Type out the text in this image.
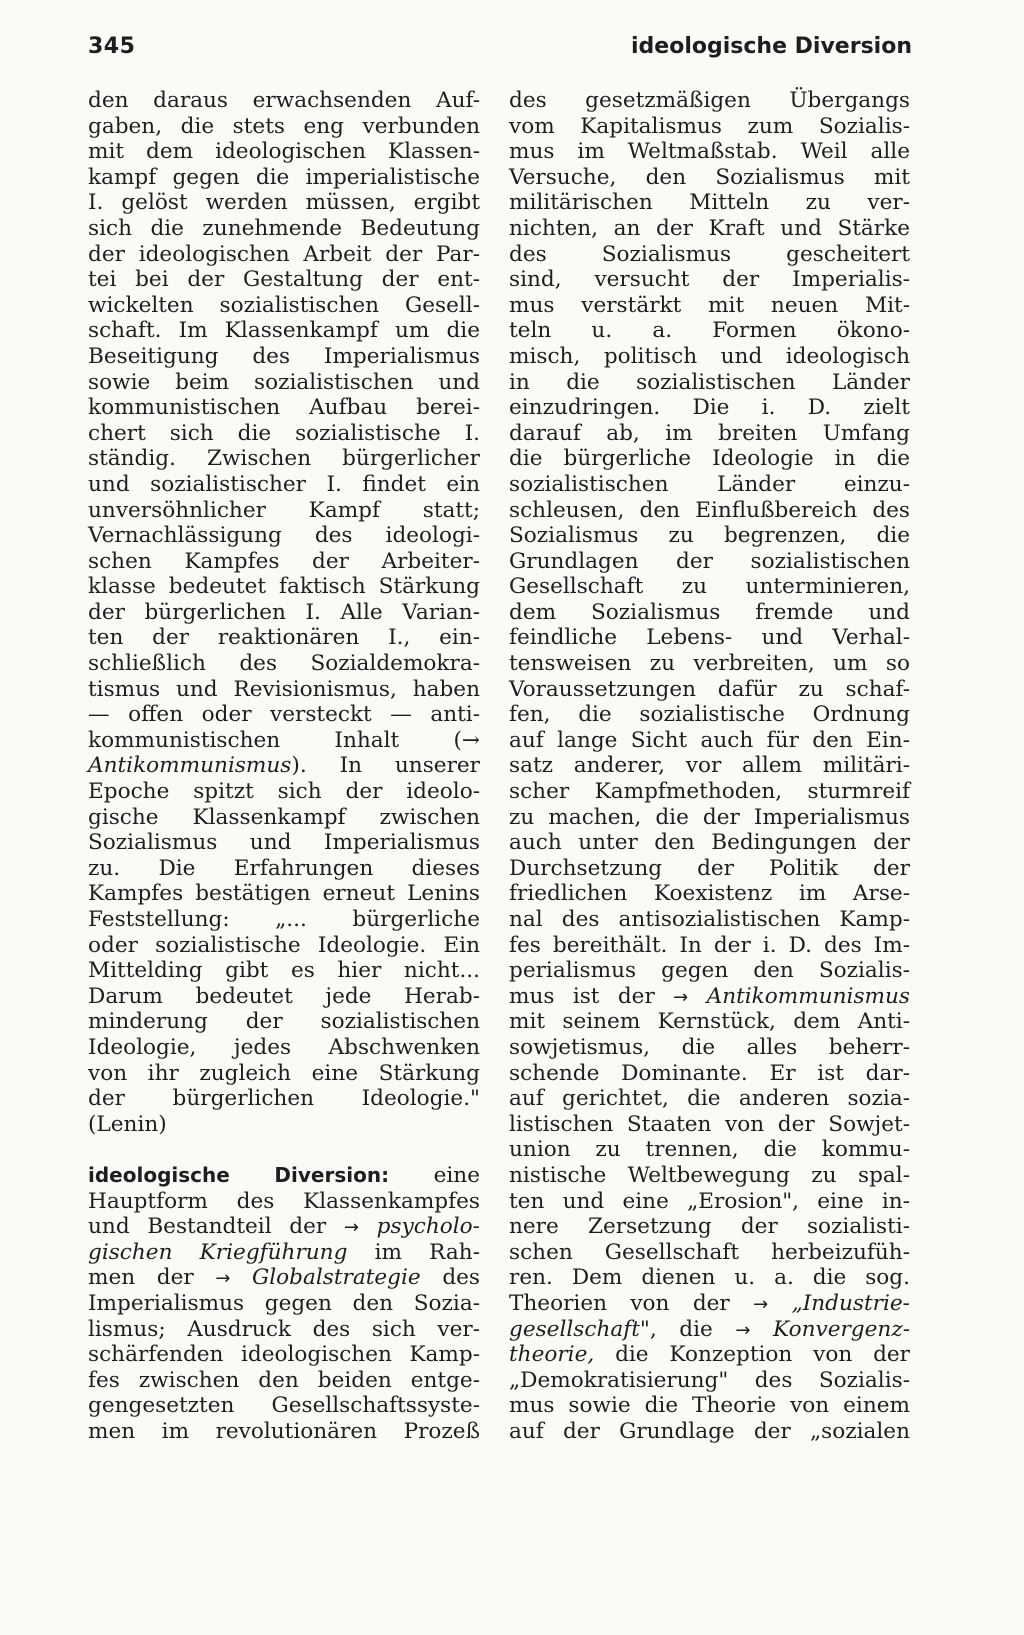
345	ideologische Diversion
den daraus erwachsenden Auf-
gaben, die stets eng verbunden
mit dem ideologischen Klassen-
kampf gegen die imperialistische
I. gelöst werden müssen, ergibt
sich die zunehmende Bedeutung
der ideologischen Arbeit der Par-
tei bei der Gestaltung der ent-
wickelten sozialistischen Gesell-
schaft. Im Klassenkampf um die
Beseitigung des Imperialismus
sowie beim sozialistischen und
kommunistischen Aufbau berei-
chert sich die sozialistische I.
ständig. Zwischen bürgerlicher
und sozialistischer I. findet ein
unversöhnlicher Kampf statt;
Vernachlässigung des ideologi-
schen Kampfes der Arbeiter-
klasse bedeutet faktisch Stärkung
der bürgerlichen I. Alle Varian-
ten der reaktionären I., ein-
schließlich des Sozialdemokra-
tismus und Revisionismus, haben
— offen oder versteckt — anti-
kommunistischen Inhalt (→
Antikommunismus). In unserer
Epoche spitzt sich der ideolo-
gische Klassenkampf zwischen
Sozialismus und Imperialismus
zu. Die Erfahrungen dieses
Kampfes bestätigen erneut Lenins
Feststellung: „... bürgerliche
oder sozialistische Ideologie. Ein
Mittelding gibt es hier nicht...
Darum bedeutet jede Herab-
minderung der sozialistischen
Ideologie, jedes Abschwenken
von ihr zugleich eine Stärkung
der bürgerlichen Ideologie."
(Lenin)
ideologische Diversion: eine
Hauptform des Klassenkampfes
und Bestandteil der → psycholo-
gischen Kriegführung im Rah-
men der → Globalstrategie des
Imperialismus gegen den Sozia-
lismus; Ausdruck des sich ver-
schärfenden ideologischen Kamp-
fes zwischen den beiden entge-
gengesetzten Gesellschaftssyste-
men im revolutionären Prozeß
des gesetzmäßigen Übergangs
vom Kapitalismus zum Sozialis-
mus im Weltmaßstab. Weil alle
Versuche, den Sozialismus mit
militärischen Mitteln zu ver-
nichten, an der Kraft und Stärke
des Sozialismus gescheitert
sind, versucht der Imperialis-
mus verstärkt mit neuen Mit-
teln u. a. Formen ökono-
misch, politisch und ideologisch
in die sozialistischen Länder
einzudringen. Die i. D. zielt
darauf ab, im breiten Umfang
die bürgerliche Ideologie in die
sozialistischen Länder einzu-
schleusen, den Einflußbereich des
Sozialismus zu begrenzen, die
Grundlagen der sozialistischen
Gesellschaft zu unterminieren,
dem Sozialismus fremde und
feindliche Lebens- und Verhal-
tensweisen zu verbreiten, um so
Voraussetzungen dafür zu schaf-
fen, die sozialistische Ordnung
auf lange Sicht auch für den Ein-
satz anderer, vor allem militäri-
scher Kampfmethoden, sturmreif
zu machen, die der Imperialismus
auch unter den Bedingungen der
Durchsetzung der Politik der
friedlichen Koexistenz im Arse-
nal des antisozialistischen Kamp-
fes bereithält. In der i. D. des Im-
perialismus gegen den Sozialis-
mus ist der → Antikommunismus
mit seinem Kernstück, dem Anti-
sowjetismus, die alles beherr-
schende Dominante. Er ist dar-
auf gerichtet, die anderen sozia-
listischen Staaten von der Sowjet-
union zu trennen, die kommu-
nistische Weltbewegung zu spal-
ten und eine „Erosion", eine in-
nere Zersetzung der sozialisti-
schen Gesellschaft herbeizufüh-
ren. Dem dienen u. a. die sog.
Theorien von der → „Industrie-
gesellschaft", die → Konvergenz-
theorie, die Konzeption von der
„Demokratisierung" des Sozialis-
mus sowie die Theorie von einem
auf der Grundlage der „sozialen
